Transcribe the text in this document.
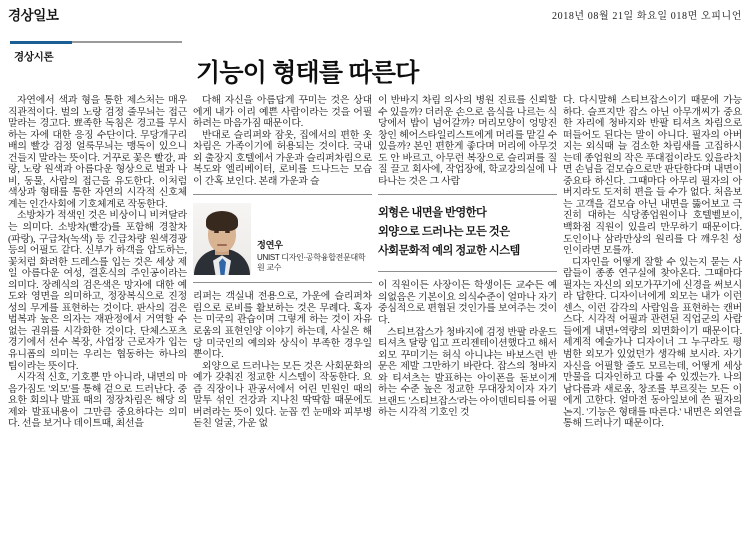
경상일보	2018년 08월 21일 화요일 018면 오피니언
경상시론
기능이 형태를 따른다

자연에서 색과 형을 통한 제스처는 매우 직관적이다. 벌의 노랑 검정 줄무늬는 접근 말라는 경고다. 뾰족한 독침은 경고를 무시하는 자에 대한 응징 수단이다. 무당개구리 배의 빨강 검정 얼룩무늬는 맹독이 있으니 건들지 말라는 뜻이다. 거꾸로 꽃은 빨강, 파랑, 노랑 원색과 아름다운 형상으로 벌과 나비, 동물, 사람의 접근을 유도한다. 이처럼 색상과 형태를 통한 자연의 시각적 신호체계는 인간사회에 기호체계로 작동한다.

소방차가 적색인 것은 비상이니 비켜달라는 의미다. 소방차(빨강)를 포함해 경찰차(파랑), 구급차(녹색) 등 긴급차량 원색경광등의 어필도 같다. 신부가 하객을 압도하는, 꽃처럼 화려한 드레스를 입는 것은 세상 제일 아름다운 여성, 결혼식의 주인공이라는 의미다. 장례식의 검은색은 망자에 대한 예도와 영면을 의미하고, 정장복식으로 진정성의 무게를 표현하는 것이다. 판사의 검은 법복과 높은 의자는 재판정에서 거역할 수 없는 권위를 시각화한 것이다. 단체스포츠경기에서 선수 복장, 사업장 근로자가 입는 유니폼의 의미는 우리는 협동하는 하나의 팀이라는 뜻이다.

시각적 신호, 기호뿐 만 아니라, 내면의 마음가짐도 '외모'를 통해 겉으로 드러난다. 중요한 회의나 발표 때의 정장차림은 해당 의제와 발표내용이 그만큼 중요하다는 의미다. 선을 보거나 데이트때, 최선을

다해 자신을 아름답게 꾸미는 것은 상대에게 내가 이리 예쁜 사람이라는 것을 어필하려는 마음가짐 때문이다.

반대로 슬리퍼와 잠옷, 집에서의 편한 옷차림은 가족이기에 허용되는 것이다. 국내외 출장지 호텔에서 가운과 슬리퍼차림으로 복도와 엘리베이터, 로비를 드나드는 모습이 간혹 보인다. 본래 가운과 슬

정연우
UNIST 디자인·공학융합전문대학원 교수

리퍼는 객실내 전용으로, 가운에 슬리퍼차림으로 로비를 활보하는 것은 무례다. 혹자는 미국의 관습이며 그렇게 하는 것이 자유로움의 표현인양 이야기 하는데, 사실은 해당 미국인의 예의와 상식이 부족한 경우일 뿐이다.

외양으로 드러나는 모든 것은 사회문화의 예가 갖춰진 정교한 시스템이 작동한다. 요즘 직장이나 관공서에서 어린 민원인 때의 말투 섞인 건강과 지나친 딱딱함 때문에도 버려라는 뜻이 있다. 눈꼽 낀 눈매와 피부병 돋친 얼굴, 가운 없

이 반바지 차림 의사의 병원 진료를 신뢰할 수 있을까? 더러운 손으로 음식을 나르는 식당에서 밥이 넘어갈까? 머리모양이 엉망진창인 헤어스타일리스트에게 머리를 맡길 수 있을까? 본인 편한게 좋다며 머리에 아무것도 안 바르고, 아무런 복장으로 슬리퍼를 질질 끌고 회사에, 작업장에, 학교강의실에 나타나는 것은 그 사람

외형은 내면을 반영한다
외양으로 드러나는 모든 것은
사회문화적 예의 정교한 시스템

이 직원이든 사장이든 학생이든 교수든 예의없음은 기본이요 의식수준이 얼마나 자기중심적으로 편협된 것인가를 보여주는 것이다.

스티브잡스가 청바지에 검정 반팔 라운드 티셔츠 달랑 입고 프리젠테이션했다고 해서 외모 꾸미기는 허식 아니냐는 바보스런 반문은 제발 그만하기 바란다. 잡스의 청바지와 티셔츠는 발표하는 아이폰을 돋보이게 하는 수준 높은 정교한 무대장치이자 자기브랜드 '스티브잡스'라는 아이덴티티를 어필하는 시각적 기호인 것

다. 다시말해 스티브잡스이기 때문에 가능하다. 슬프지만 잡스 아닌 아무개씨가 중요한 자리에 청바지와 반팔 티셔츠 차림으로 떠들어도 된다는 말이 아니다. 필자의 아버지는 외식때 늘 검소한 차림새를 고집하시는데 종업원의 작은 푸대접이라도 있을라치면 손님을 겉모습으로만 판단한다며 내면이 중요타 하신다. 그때마다 아무리 필자의 아버지라도 도저히 편을 들 수가 없다. 처음보는 고객을 겉모습 아닌 내면을 뚫어보고 극진히 대하는 식당종업원이나 호텔벨보이, 백화점 직원이 있을리 만무하기 때문이다. 도인이나 삼라만상의 원리를 다 깨우친 성인이라면 모를까.

디자인을 어떻게 잘할 수 있는지 묻는 사람들이 종종 연구실에 찾아온다. 그때마다 필자는 자신의 외모가꾸기에 신경을 써보시라 답한다. 디자이너에게 외모는 내가 이런 센스, 이런 감각의 사람임을 표현하는 캔버스다. 시각적 어필과 관련된 직업군의 사람들에게 내면+역량의 외면화이기 때문이다. 세계적 예술가나 디자이너 그 누구라도 평범한 외모가 있었던가 생각해 보시라. 자기자신을 어필할 줄도 모르는데, 어떻게 세상만물을 디자인하고 다룰 수 있겠는가. 나의 남다름과 새로움, 창조를 부르짖는 모든 이에게 고한다. 얼마전 동아일보에 쓴 필자의 논지. '기능은 형태를 따른다.' 내면은 외연을 통해 드러나기 때문이다.
